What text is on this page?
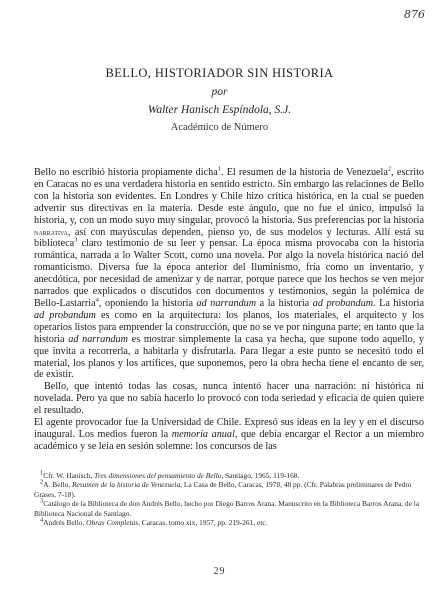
876
BELLO, HISTORIADOR SIN HISTORIA
por
Walter Hanisch Espíndola, S.J.
Académico de Número

Bello no escribió historia propiamente dicha$^1$. El resumen de la historia de Venezuela$^2$, escrito en Caracas no es una verdadera historia en sentido estricto. Sin embargo las relaciones de Bello con la historia son evidentes. En Londres y Chile hizo crítica histórica, en la cual se pueden advertir sus directivas en la materia. Desde este ángulo, que no fue el único, impulsó la historia, y, con un modo suyo muy singular, provocó la historia. Sus preferencias por la historia narrativa, así con mayúsculas dependen, pienso yo, de sus modelos y lecturas. Allí está su biblioteca$^3$ claro testimonio de su leer y pensar. La época misma provocaba con la historia romántica, narrada a lo Walter Scott, como una novela. Por algo la novela histórica nació del romanticismo. Diversa fue la época anterior del Iluminismo, fría como un inventario, y anecdótica, por necesidad de amenizar y de narrar, porque parece que los hechos se ven mejor narrados que explicados o discutidos con documentos y testimonios, según la polémica de Bello-Lastarria$^4$, oponiendo la historia ad narrandum a la historia ad probandum. La historia ad probandum es como en la arquitectura: los planos, los materiales, el arquitecto y los operarios listos para emprender la construcción, que no se ve por ninguna parte; en tanto que la historia ad narrandum es mostrar simplemente la casa ya hecha, que supone todo aquello, y que invita a recorrerla, a habitarla y disfrutarla. Para llegar a este punto se necesitó todo el material, los planos y los artífices, que suponemos, pero la obra hecha tiene el encanto de ser, de existir.

Bello, que intentó todas las cosas, nunca intentó hacer una narración: ni histórica ni novelada. Pero ya que no sabía hacerlo lo provocó con toda seriedad y eficacia de quien quiere el resultado.

El agente provocador fue la Universidad de Chile. Expresó sus ideas en la ley y en el discurso inaugural. Los medios fueron la memoria anual, que debía encargar el Rector a un miembro académico y se leía en sesión solemne: los concursos de las

$^1$Cfr. W. Hanisch, Tres dimensiones del pensamiento de Bello, Santiago, 1965, 119-168.

$^2$A. Bello, Resumen de la historia de Venezuela, La Casa de Bello, Caracas, 1978, 48 pp. (Cfr. Palabras preliminares de Pedro Grases, 7-18).

$^3$Catálogo de la Biblioteca de don Andrés Bello, hecho por Diego Barros Arana. Manuscrito en la Biblioteca Barros Arana, de la Biblioteca Nacional de Santiago.

$^4$Andrés Bello, Obras Completas, Caracas, tomo xix, 1957, pp. 219-261, etc.

29
